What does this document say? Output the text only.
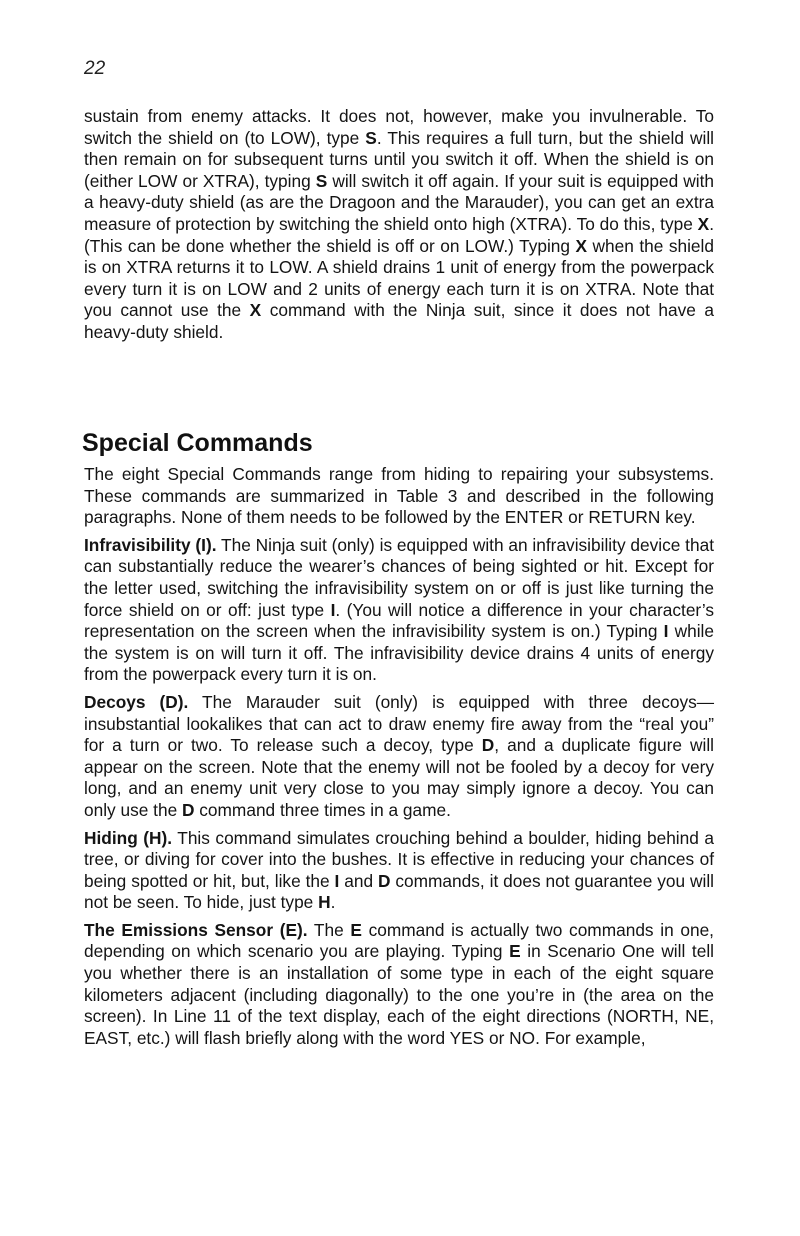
22

sustain from enemy attacks. It does not, however, make you invulnerable. To switch the shield on (to LOW), type S. This requires a full turn, but the shield will then remain on for subsequent turns until you switch it off. When the shield is on (either LOW or XTRA), typing S will switch it off again. If your suit is equipped with a heavy-duty shield (as are the Dragoon and the Marauder), you can get an extra measure of protection by switching the shield onto high (XTRA). To do this, type X. (This can be done whether the shield is off or on LOW.) Typing X when the shield is on XTRA returns it to LOW. A shield drains 1 unit of energy from the powerpack every turn it is on LOW and 2 units of energy each turn it is on XTRA. Note that you cannot use the X command with the Ninja suit, since it does not have a heavy-duty shield.

Special Commands

The eight Special Commands range from hiding to repairing your subsystems. These commands are summarized in Table 3 and described in the following paragraphs. None of them needs to be followed by the ENTER or RETURN key.

Infravisibility (I). The Ninja suit (only) is equipped with an infravisibility device that can substantially reduce the wearer’s chances of being sighted or hit. Except for the letter used, switching the infravisibility system on or off is just like turning the force shield on or off: just type I. (You will notice a difference in your character’s representation on the screen when the infravisibility system is on.) Typing I while the system is on will turn it off. The infravisibility device drains 4 units of energy from the powerpack every turn it is on.

Decoys (D). The Marauder suit (only) is equipped with three decoys—insubstantial lookalikes that can act to draw enemy fire away from the “real you” for a turn or two. To release such a decoy, type D, and a duplicate figure will appear on the screen. Note that the enemy will not be fooled by a decoy for very long, and an enemy unit very close to you may simply ignore a decoy. You can only use the D command three times in a game.

Hiding (H). This command simulates crouching behind a boulder, hiding behind a tree, or diving for cover into the bushes. It is effective in reducing your chances of being spotted or hit, but, like the I and D commands, it does not guarantee you will not be seen. To hide, just type H.

The Emissions Sensor (E). The E command is actually two commands in one, depending on which scenario you are playing. Typing E in Scenario One will tell you whether there is an installation of some type in each of the eight square kilometers adjacent (including diagonally) to the one you’re in (the area on the screen). In Line 11 of the text display, each of the eight directions (NORTH, NE, EAST, etc.) will flash briefly along with the word YES or NO. For example,
